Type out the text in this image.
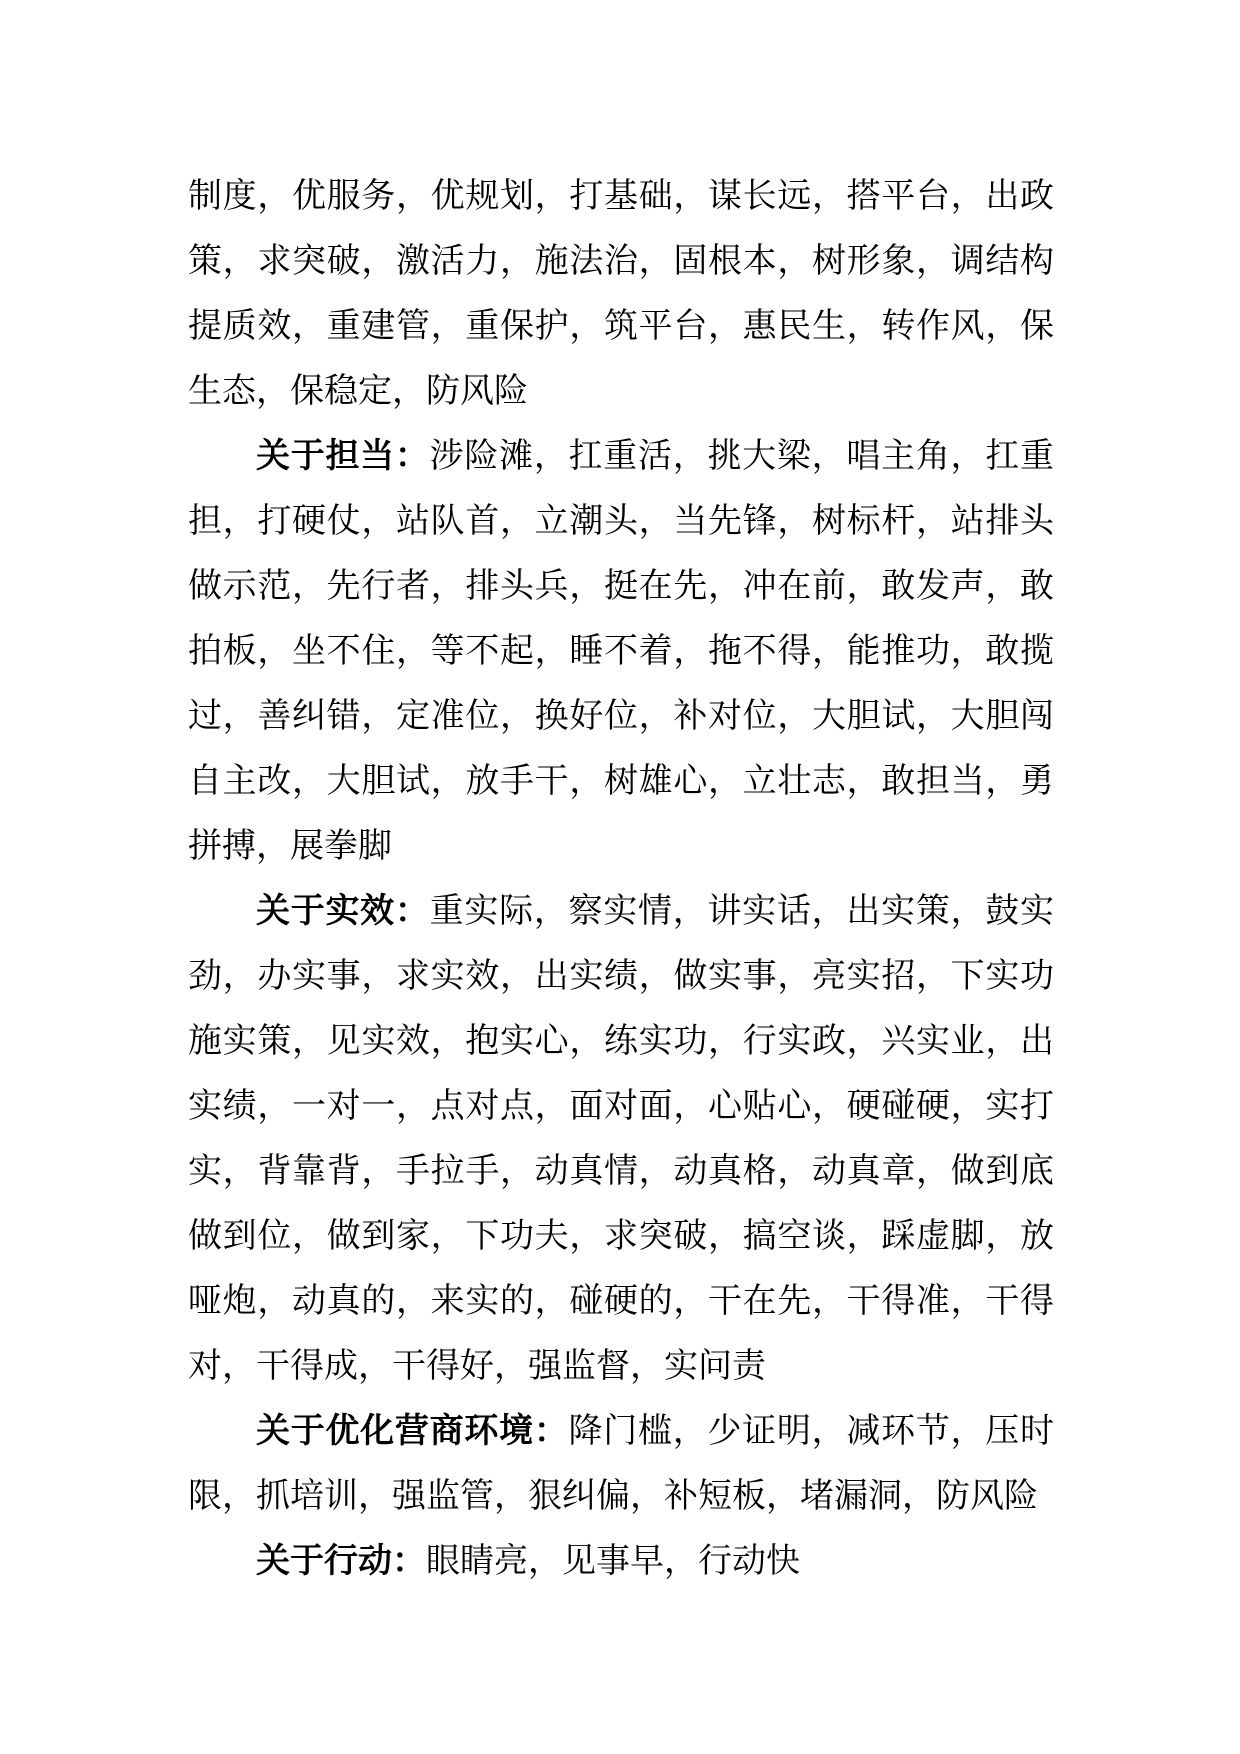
制度，优服务，优规划，打基础，谋长远，搭平台，出政
策，求突破，激活力，施法治，固根本，树形象，调结构
提质效，重建管，重保护，筑平台，惠民生，转作风，保
生态，保稳定，防风险
关于担当：涉险滩，扛重活，挑大梁，唱主角，扛重
担，打硬仗，站队首，立潮头，当先锋，树标杆，站排头
做示范，先行者，排头兵，挺在先，冲在前，敢发声，敢
拍板，坐不住，等不起，睡不着，拖不得，能推功，敢揽
过，善纠错，定准位，换好位，补对位，大胆试，大胆闯
自主改，大胆试，放手干，树雄心，立壮志，敢担当，勇
拼搏，展拳脚
关于实效：重实际，察实情，讲实话，出实策，鼓实
劲，办实事，求实效，出实绩，做实事，亮实招，下实功
施实策，见实效，抱实心，练实功，行实政，兴实业，出
实绩，一对一，点对点，面对面，心贴心，硬碰硬，实打
实，背靠背，手拉手，动真情，动真格，动真章，做到底
做到位，做到家，下功夫，求突破，搞空谈，踩虚脚，放
哑炮，动真的，来实的，碰硬的，干在先，干得准，干得
对，干得成，干得好，强监督，实问责
关于优化营商环境：降门槛，少证明，减环节，压时
限，抓培训，强监管，狠纠偏，补短板，堵漏洞，防风险
关于行动：眼睛亮，见事早，行动快
